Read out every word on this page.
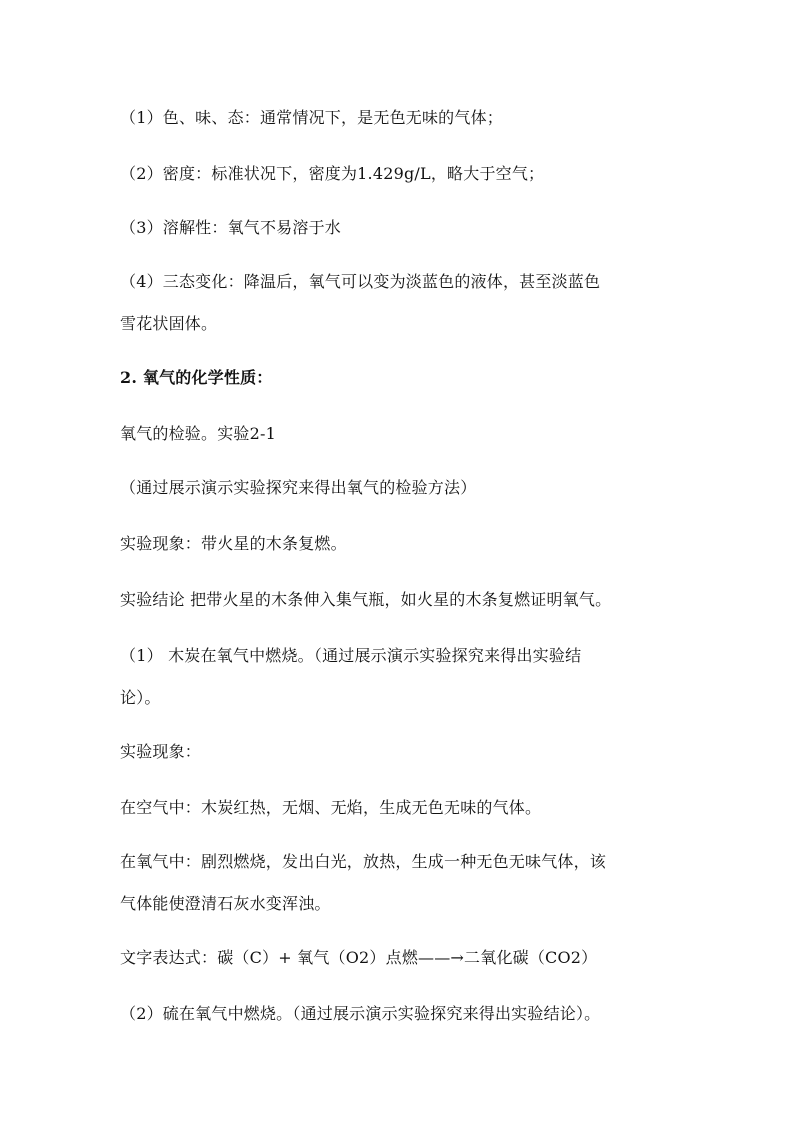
（1）色、味、态：通常情况下，是无色无味的气体；
（2）密度：标准状况下，密度为1.429g/L，略大于空气；
（3）溶解性：氧气不易溶于水
（4）三态变化：降温后，氧气可以变为淡蓝色的液体，甚至淡蓝色
雪花状固体。
2. 氧气的化学性质：
氧气的检验。实验2-1
（通过展示演示实验探究来得出氧气的检验方法）
实验现象：带火星的木条复燃。
实验结论 把带火星的木条伸入集气瓶，如火星的木条复燃证明氧气。
（1） 木炭在氧气中燃烧。（通过展示演示实验探究来得出实验结
论）。
实验现象：
在空气中：木炭红热，无烟、无焰，生成无色无味的气体。
在氧气中：剧烈燃烧，发出白光，放热，生成一种无色无味气体，该
气体能使澄清石灰水变浑浊。
文字表达式：碳（C）+ 氧气（O2）点燃——→二氧化碳（CO2）
（2）硫在氧气中燃烧。（通过展示演示实验探究来得出实验结论）。
